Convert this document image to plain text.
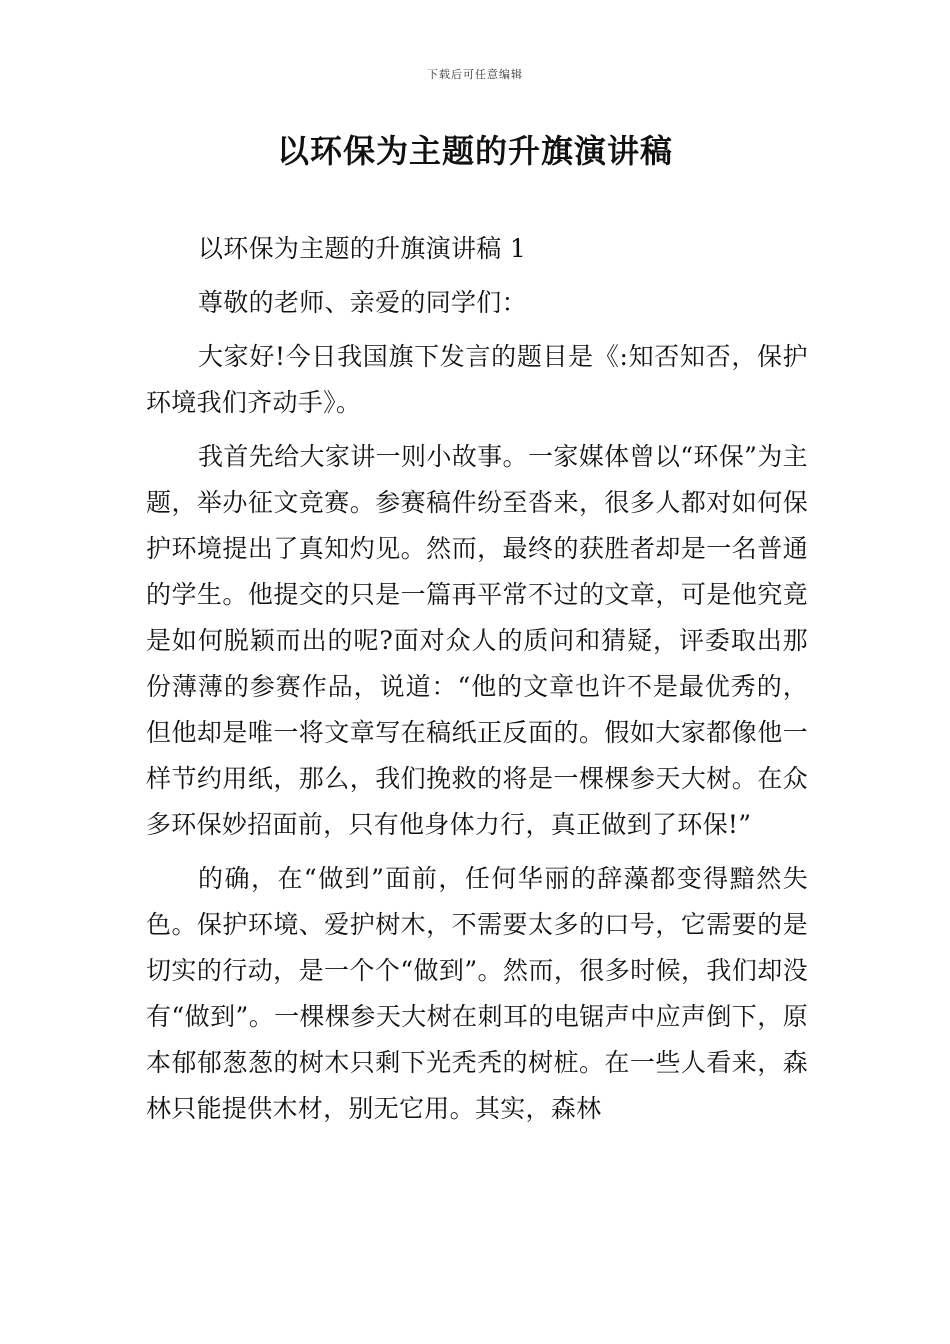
下载后可任意编辑
以环保为主题的升旗演讲稿

以环保为主题的升旗演讲稿 1

尊敬的老师、亲爱的同学们：

大家好!今日我国旗下发言的题目是《:知否知否，保护环境我们齐动手》。

我首先给大家讲一则小故事。一家媒体曾以“环保”为主题，举办征文竞赛。参赛稿件纷至沓来，很多人都对如何保护环境提出了真知灼见。然而，最终的获胜者却是一名普通的学生。他提交的只是一篇再平常不过的文章，可是他究竟是如何脱颖而出的呢?面对众人的质问和猜疑，评委取出那份薄薄的参赛作品，说道：“他的文章也许不是最优秀的，但他却是唯一将文章写在稿纸正反面的。假如大家都像他一样节约用纸，那么，我们挽救的将是一棵棵参天大树。在众多环保妙招面前，只有他身体力行，真正做到了环保!”

的确，在“做到”面前，任何华丽的辞藻都变得黯然失色。保护环境、爱护树木，不需要太多的口号，它需要的是切实的行动，是一个个“做到”。然而，很多时候，我们却没有“做到”。一棵棵参天大树在刺耳的电锯声中应声倒下，原本郁郁葱葱的树木只剩下光秃秃的树桩。在一些人看来，森林只能提供木材，别无它用。其实，森林
